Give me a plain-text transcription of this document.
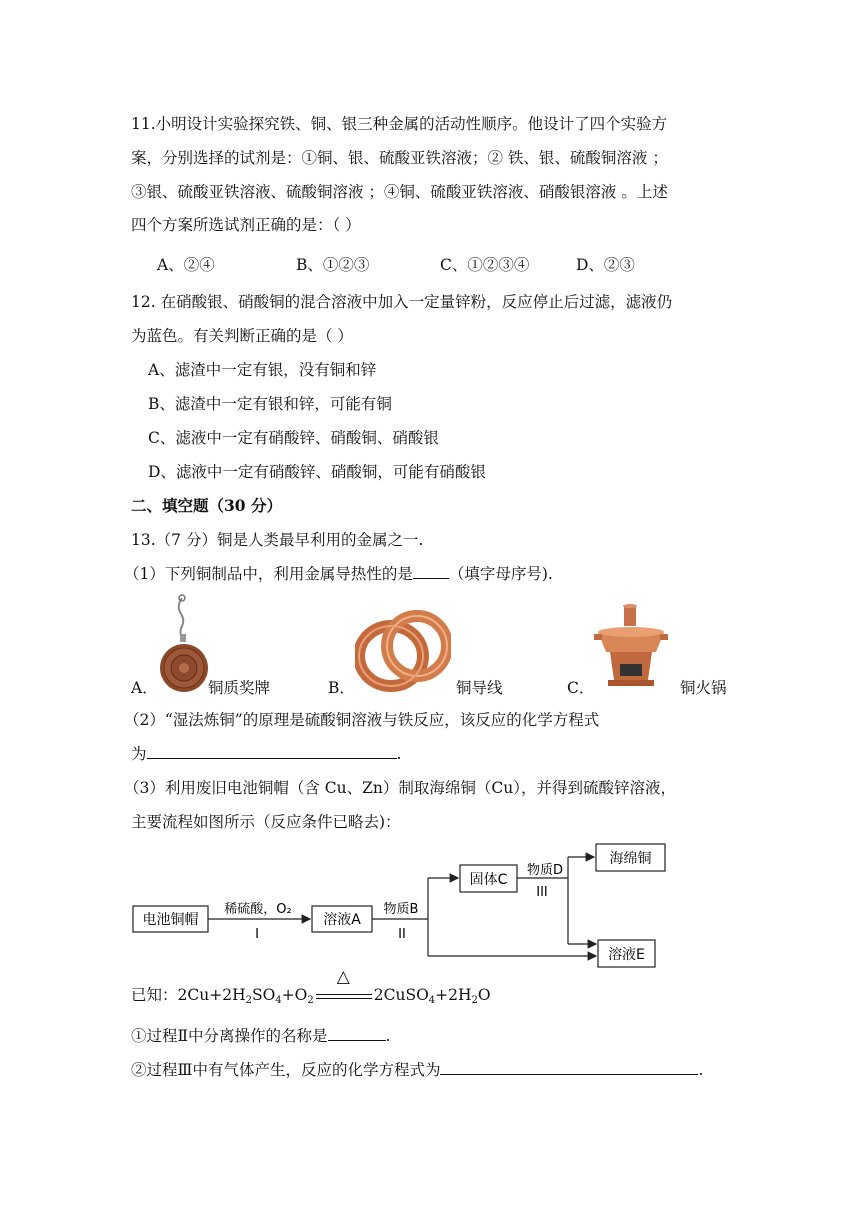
11.小明设计实验探究铁、铜、银三种金属的活动性顺序。他设计了四个实验方
案，分别选择的试剂是：①铜、银、硫酸亚铁溶液；② 铁、银、硫酸铜溶液 ；
③银、硫酸亚铁溶液、硫酸铜溶液 ；④铜、硫酸亚铁溶液、硝酸银溶液 。上述
四个方案所选试剂正确的是：（ ）
A、②④	B、①②③	C、①②③④	D、②③
12. 在硝酸银、硝酸铜的混合溶液中加入一定量锌粉，反应停止后过滤，滤液仍
为蓝色。有关判断正确的是（ ）
A、滤渣中一定有银，没有铜和锌
B、滤渣中一定有银和锌，可能有铜
C、滤液中一定有硝酸锌、硝酸铜、硝酸银
D、滤液中一定有硝酸锌、硝酸铜，可能有硝酸银
二、填空题（30 分）
13.（7 分）铜是人类最早利用的金属之一.
（1）下列铜制品中，利用金属导热性的是 （填字母序号).
A．	铜质奖牌	B．	铜导线	C．	铜火锅
（2）“湿法炼铜”的原理是硫酸铜溶液与铁反应，该反应的化学方程式
为	.
（3）利用废旧电池铜帽（含 Cu、Zn）制取海绵铜（Cu），并得到硫酸锌溶液，
主要流程如图所示（反应条件已略去)：
电池铜帽
稀硫酸，O₂
I
溶液A
物质B
II
固体C
物质D
III
海绵铜
溶液E
已知：$2Cu+2H_2SO_4+O_2$
△
$2CuSO_4+2H_2O$
①过程Ⅱ中分离操作的名称是	.
②过程Ⅲ中有气体产生，反应的化学方程式为	.
